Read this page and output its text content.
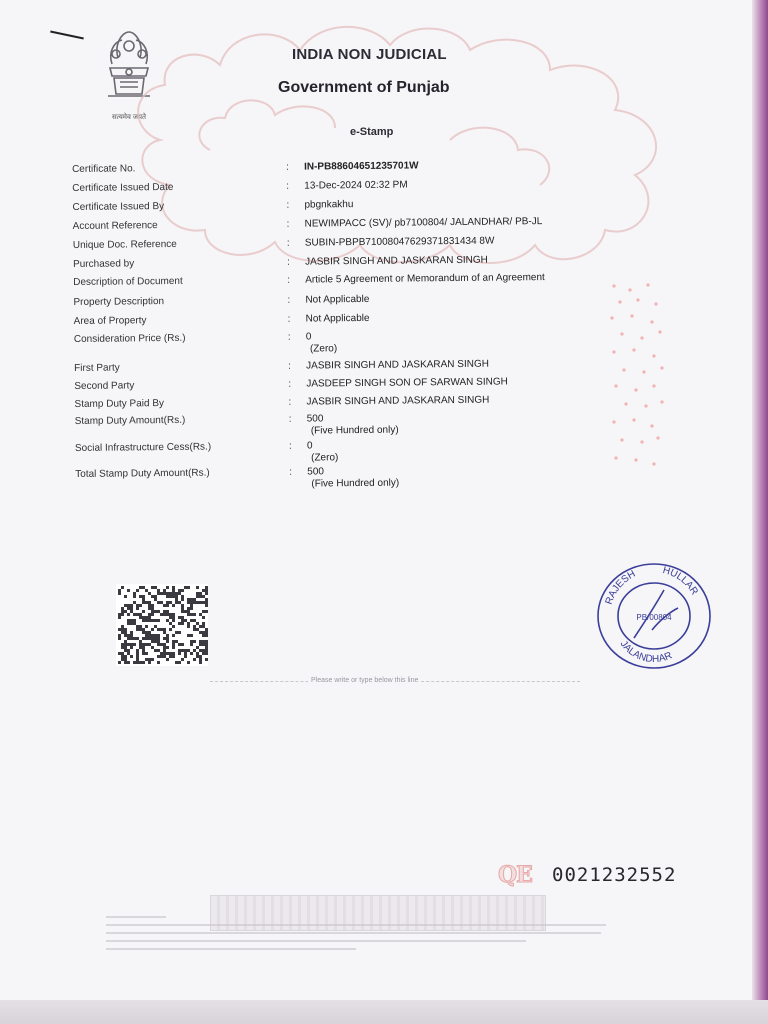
सत्यमेव जयते
INDIA NON JUDICIAL
Government of Punjab
e-Stamp
Certificate No.	: IN-PB88604651235701W
Certificate Issued Date	: 13-Dec-2024 02:32 PM
Certificate Issued By	: pbgnkakhu
Account Reference	: NEWIMPACC (SV)/ pb7100804/ JALANDHAR/ PB-JL
Unique Doc. Reference	: SUBIN-PBPB71008047629371831434 8W
Purchased by	: JASBIR SINGH AND JASKARAN SINGH
Description of Document	: Article 5 Agreement or Memorandum of an Agreement
Property Description	: Not Applicable
Area of Property	: Not Applicable
Consideration Price (Rs.)	: 0
(Zero)
First Party	: JASBIR SINGH AND JASKARAN SINGH
Second Party	: JASDEEP SINGH SON OF SARWAN SINGH
Stamp Duty Paid By	: JASBIR SINGH AND JASKARAN SINGH
Stamp Duty Amount(Rs.)	: 500
(Five Hundred only)
Social Infrastructure Cess(Rs.)	: 0
(Zero)
Total Stamp Duty Amount(Rs.)	: 500
(Five Hundred only)
RAJESH HULLAR
JALANDHAR
PB/00804
Please write or type below this line
QE 0021232552
